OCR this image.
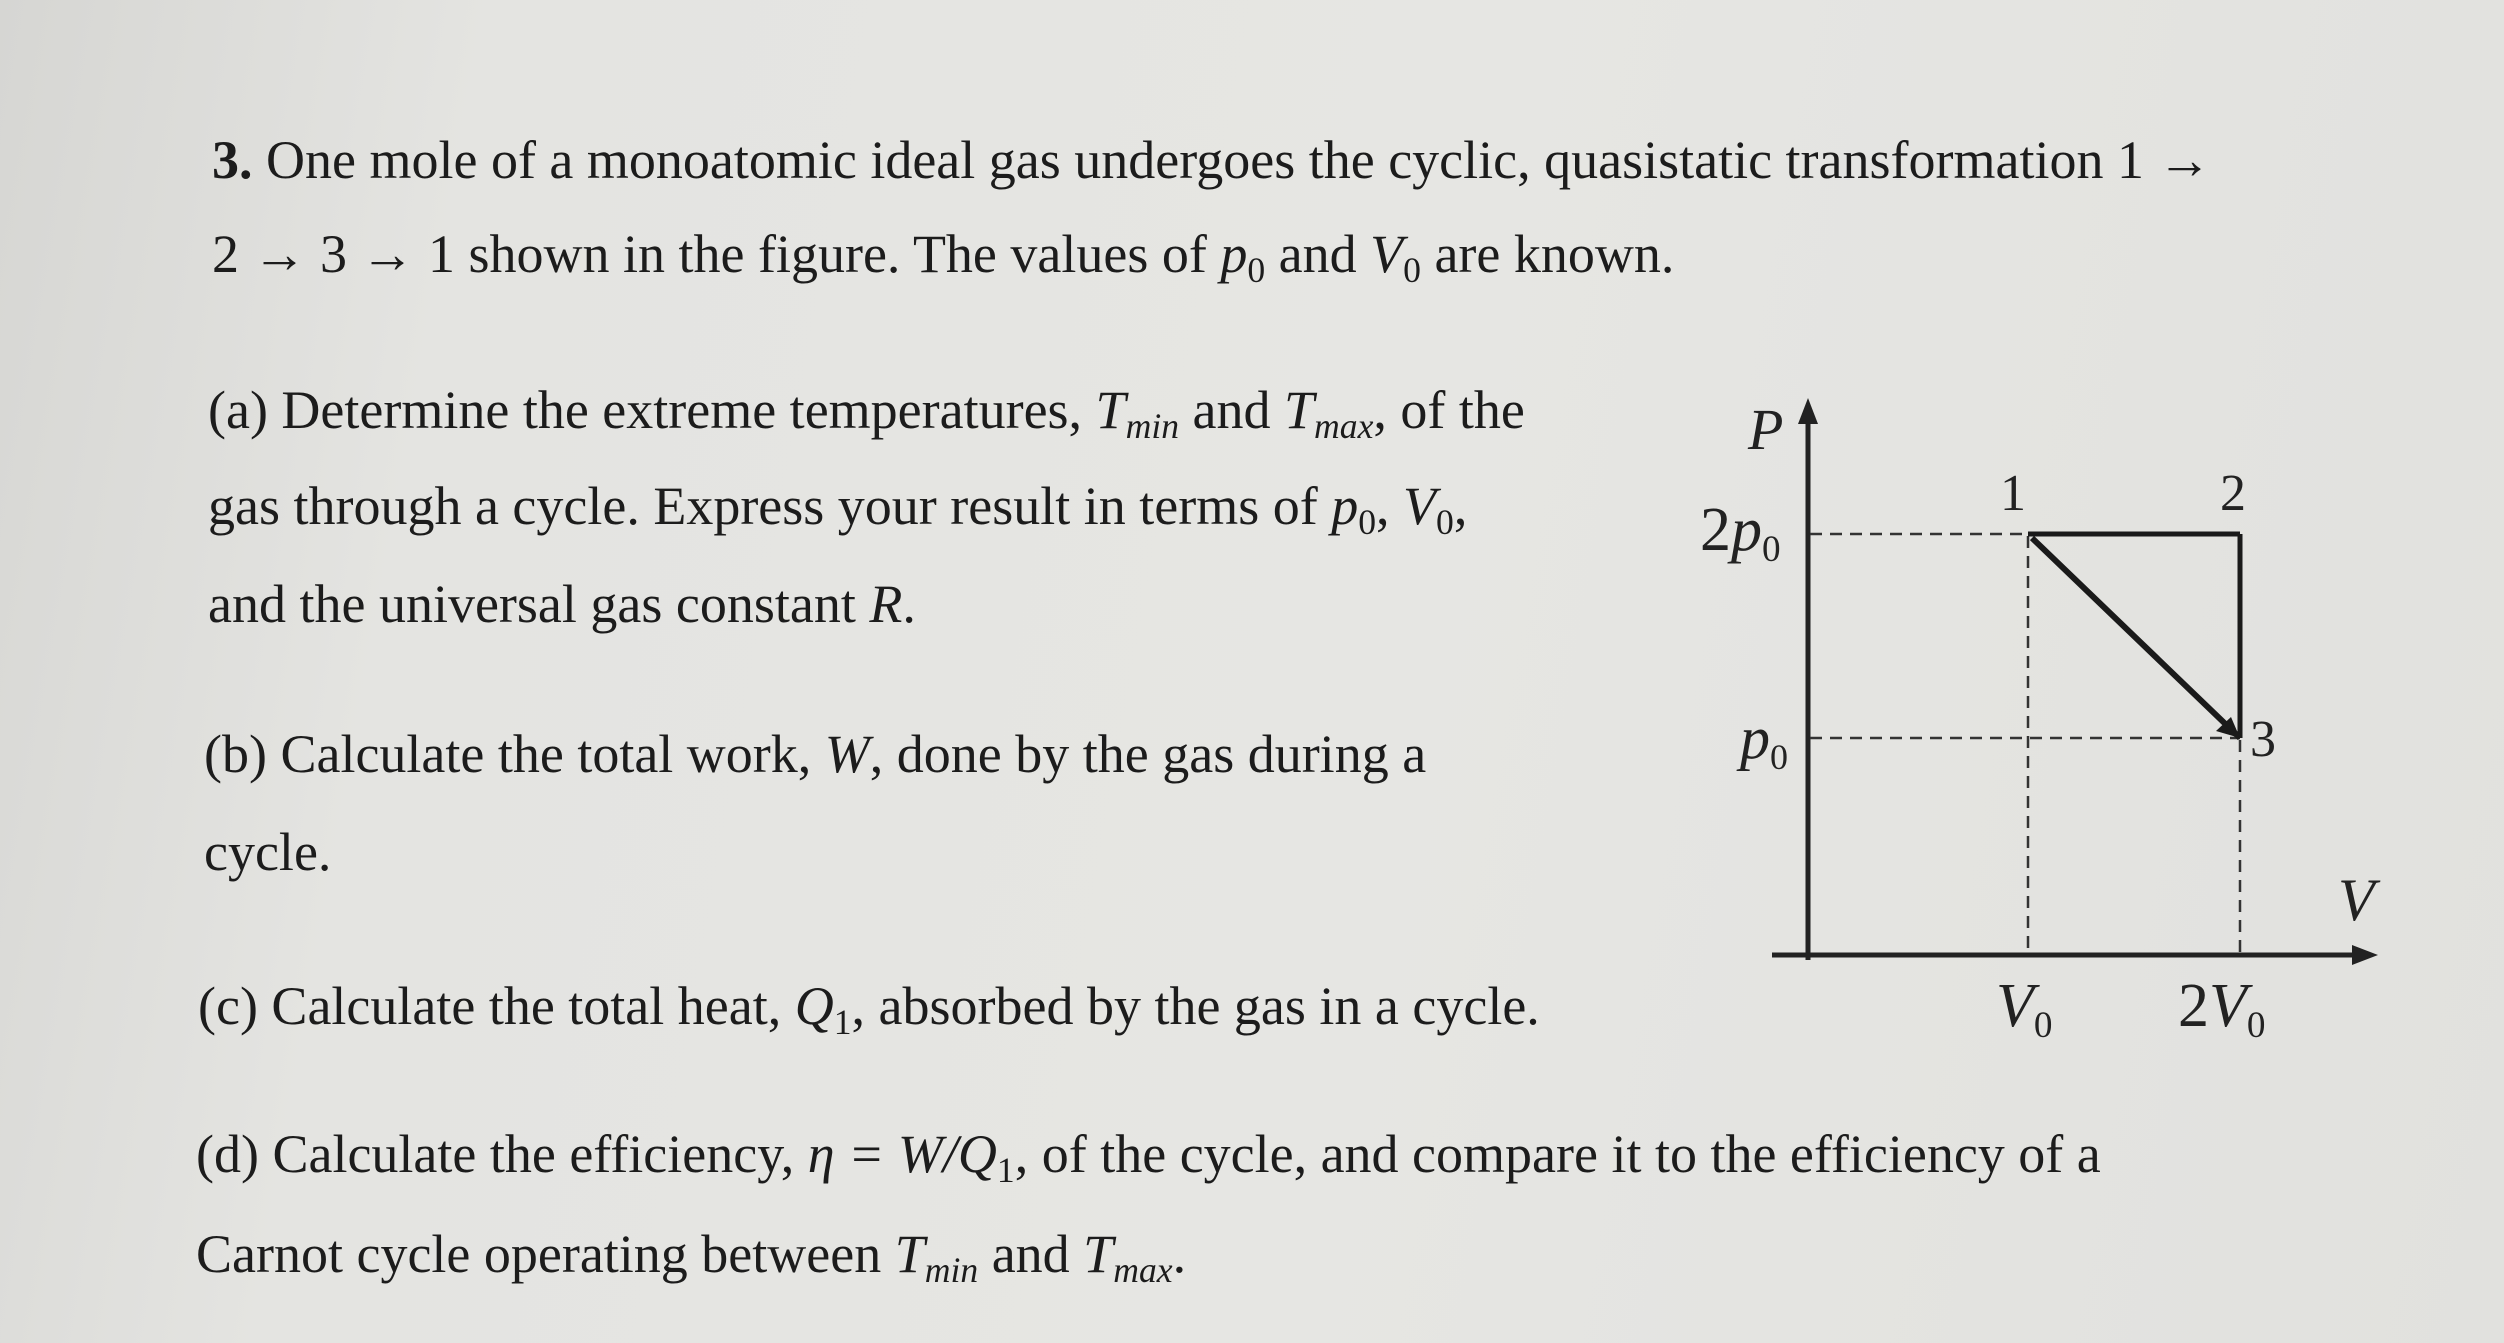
3. One mole of a monoatomic ideal gas undergoes the cyclic, quasistatic transformation 1 →
2 → 3 → 1 shown in the figure. The values of $p_0$ and $V_0$ are known.
(a) Determine the extreme temperatures, $T_{min}$ and $T_{max}$, of the
gas through a cycle. Express your result in terms of $p_0$, $V_0$,
and the universal gas constant R.
(b) Calculate the total work, W, done by the gas during a
cycle.
(c) Calculate the total heat, $Q_1$, absorbed by the gas in a cycle.
(d) Calculate the efficiency, $\eta = W/Q_1$, of the cycle, and compare it to the efficiency of a
Carnot cycle operating between $T_{min}$ and $T_{max}$.
P
$2p_0$
$p_0$
1	2
3
V
$V_0$ $2V_0$
